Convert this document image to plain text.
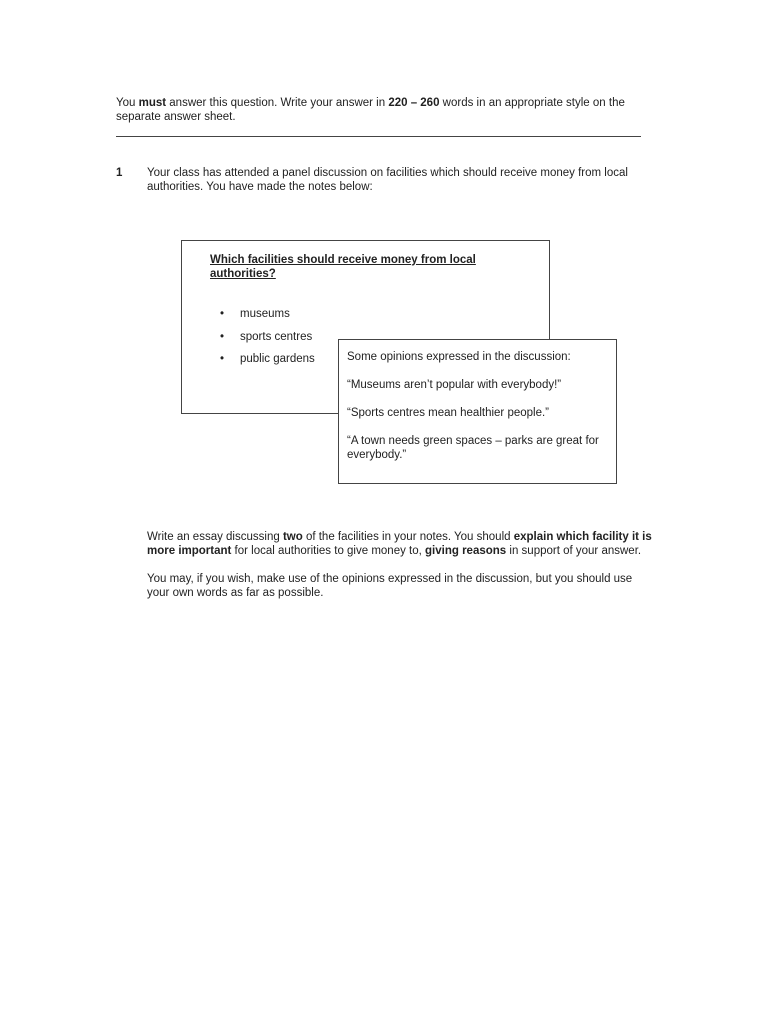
You must answer this question. Write your answer in 220 – 260 words in an appropriate style on the separate answer sheet.
1 Your class has attended a panel discussion on facilities which should receive money from local authorities. You have made the notes below:
Which facilities should receive money from local authorities?
• museums
• sports centres
• public gardens	Some opinions expressed in the discussion:

“Museums aren’t popular with everybody!”

“Sports centres mean healthier people.”

“A town needs green spaces – parks are great for everybody.”

Write an essay discussing two of the facilities in your notes. You should explain which facility it is more important for local authorities to give money to, giving reasons in support of your answer.

You may, if you wish, make use of the opinions expressed in the discussion, but you should use your own words as far as possible.
